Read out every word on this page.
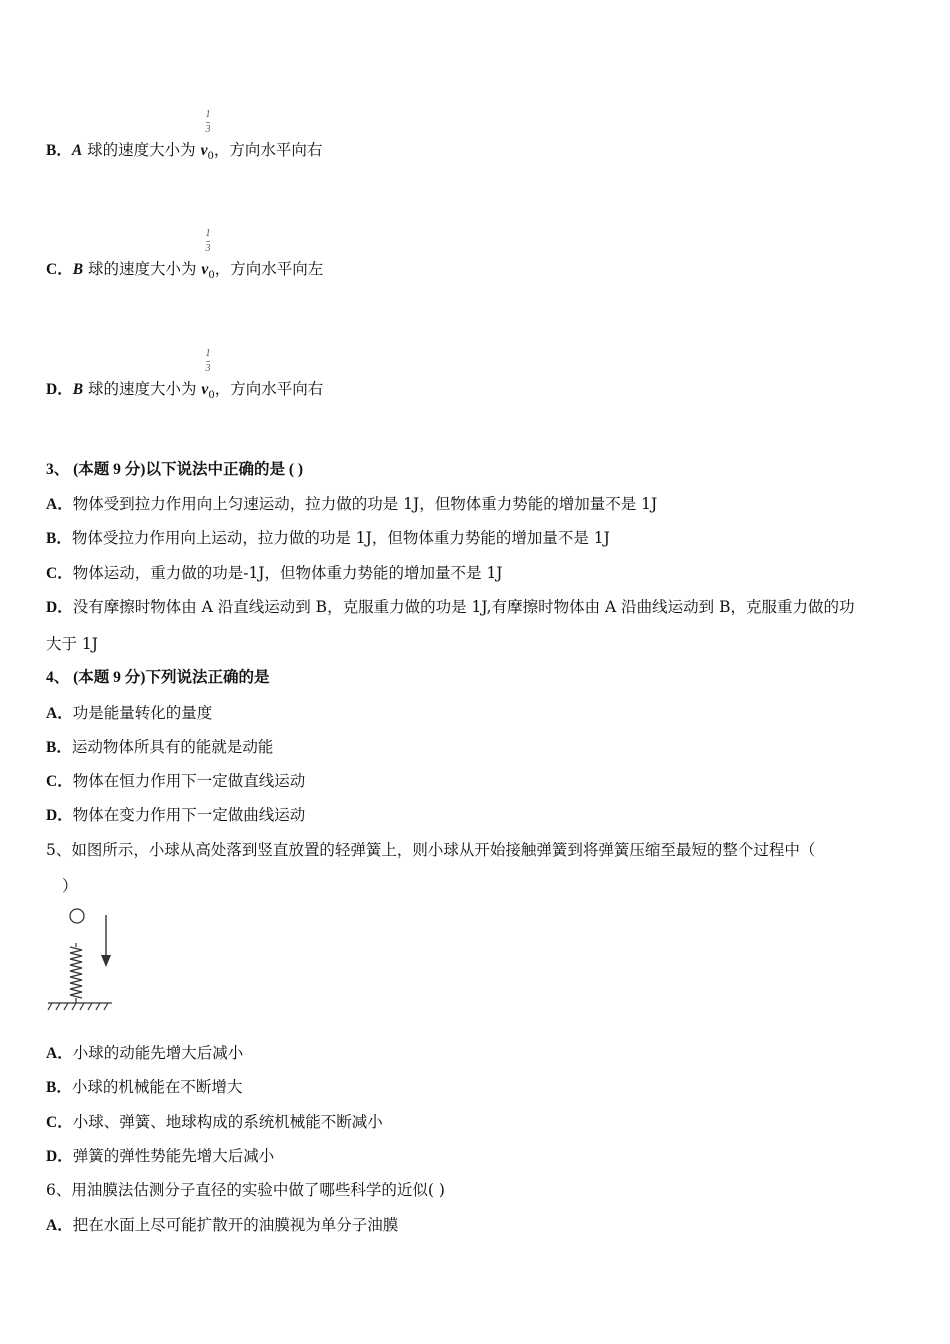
1
3
B．A 球的速度大小为 $v_0$，方向水平向右
1
3
C．B 球的速度大小为 $v_0$，方向水平向左
1
3
D．B 球的速度大小为 $v_0$，方向水平向右
3、 (本题 9 分)以下说法中正确的是 ( )
A．物体受到拉力作用向上匀速运动，拉力做的功是 1J，但物体重力势能的增加量不是 1J
B．物体受拉力作用向上运动，拉力做的功是 1J，但物体重力势能的增加量不是 1J
C．物体运动，重力做的功是-1J，但物体重力势能的增加量不是 1J
D．没有摩擦时物体由 A 沿直线运动到 B，克服重力做的功是 1J,有摩擦时物体由 A 沿曲线运动到 B，克服重力做的功
大于 1J
4、 (本题 9 分)下列说法正确的是
A．功是能量转化的量度
B．运动物体所具有的能就是动能
C．物体在恒力作用下一定做直线运动
D．物体在变力作用下一定做曲线运动
5、如图所示，小球从高处落到竖直放置的轻弹簧上，则小球从开始接触弹簧到将弹簧压缩至最短的整个过程中（
）
A．小球的动能先增大后减小
B．小球的机械能在不断增大
C．小球、弹簧、地球构成的系统机械能不断减小
D．弹簧的弹性势能先增大后减小
6、用油膜法估测分子直径的实验中做了哪些科学的近似( )
A．把在水面上尽可能扩散开的油膜视为单分子油膜
